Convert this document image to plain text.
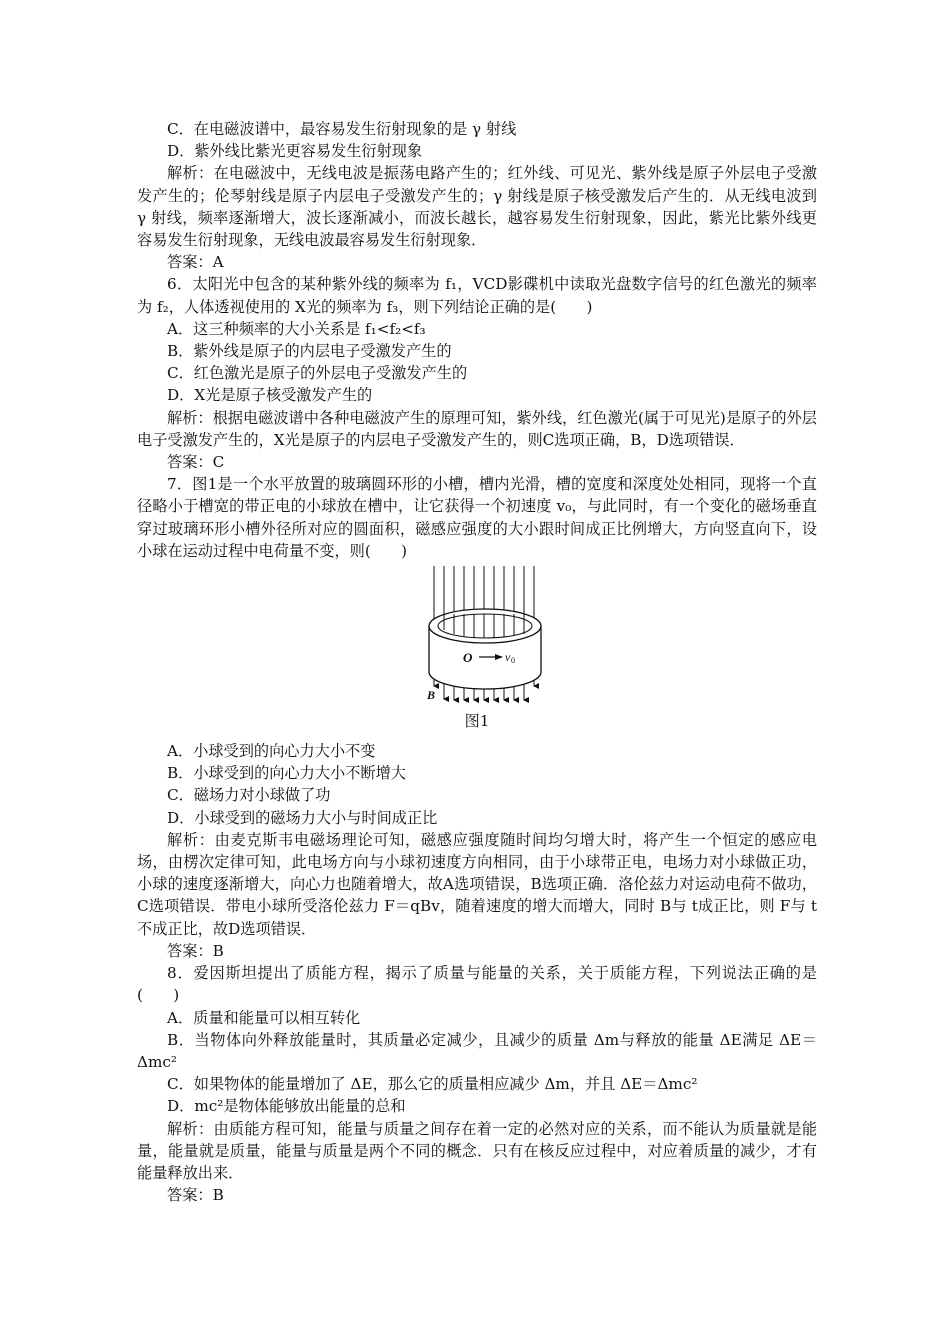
C．在电磁波谱中，最容易发生衍射现象的是 γ 射线

D．紫外线比紫光更容易发生衍射现象

解析：在电磁波中，无线电波是振荡电路产生的；红外线、可见光、紫外线是原子外层电子受激发产生的；伦琴射线是原子内层电子受激发产生的；γ 射线是原子核受激发后产生的．从无线电波到 γ 射线，频率逐渐增大，波长逐渐减小，而波长越长，越容易发生衍射现象，因此，紫光比紫外线更容易发生衍射现象，无线电波最容易发生衍射现象．

答案：A

6．太阳光中包含的某种紫外线的频率为 f₁，VCD影碟机中读取光盘数字信号的红色激光的频率为 f₂，人体透视使用的 X光的频率为 f₃，则下列结论正确的是(　　)

A．这三种频率的大小关系是 f₁<f₂<f₃

B．紫外线是原子的内层电子受激发产生的

C．红色激光是原子的外层电子受激发产生的

D．X光是原子核受激发产生的

解析：根据电磁波谱中各种电磁波产生的原理可知，紫外线，红色激光(属于可见光)是原子的外层电子受激发产生的，X光是原子的内层电子受激发产生的，则C选项正确，B，D选项错误．

答案：C

7．图1是一个水平放置的玻璃圆环形的小槽，槽内光滑，槽的宽度和深度处处相同，现将一个直径略小于槽宽的带正电的小球放在槽中，让它获得一个初速度 v₀，与此同时，有一个变化的磁场垂直穿过玻璃环形小槽外径所对应的圆面积，磁感应强度的大小跟时间成正比例增大，方向竖直向下，设小球在运动过程中电荷量不变，则(　　)

O	v 0
B

图1

A．小球受到的向心力大小不变

B．小球受到的向心力大小不断增大

C．磁场力对小球做了功

D．小球受到的磁场力大小与时间成正比

解析：由麦克斯韦电磁场理论可知，磁感应强度随时间均匀增大时，将产生一个恒定的感应电场，由楞次定律可知，此电场方向与小球初速度方向相同，由于小球带正电，电场力对小球做正功，小球的速度逐渐增大，向心力也随着增大，故A选项错误，B选项正确．洛伦兹力对运动电荷不做功，C选项错误．带电小球所受洛伦兹力 F＝qBv，随着速度的增大而增大，同时 B与 t成正比，则 F与 t不成正比，故D选项错误．

答案：B

8．爱因斯坦提出了质能方程，揭示了质量与能量的关系，关于质能方程，下列说法正确的是(　　)

A．质量和能量可以相互转化

B．当物体向外释放能量时，其质量必定减少，且减少的质量 Δm与释放的能量 ΔE满足 ΔE＝Δmc²

C．如果物体的能量增加了 ΔE，那么它的质量相应减少 Δm，并且 ΔE＝Δmc²

D．mc²是物体能够放出能量的总和

解析：由质能方程可知，能量与质量之间存在着一定的必然对应的关系，而不能认为质量就是能量，能量就是质量，能量与质量是两个不同的概念．只有在核反应过程中，对应着质量的减少，才有能量释放出来．

答案：B
